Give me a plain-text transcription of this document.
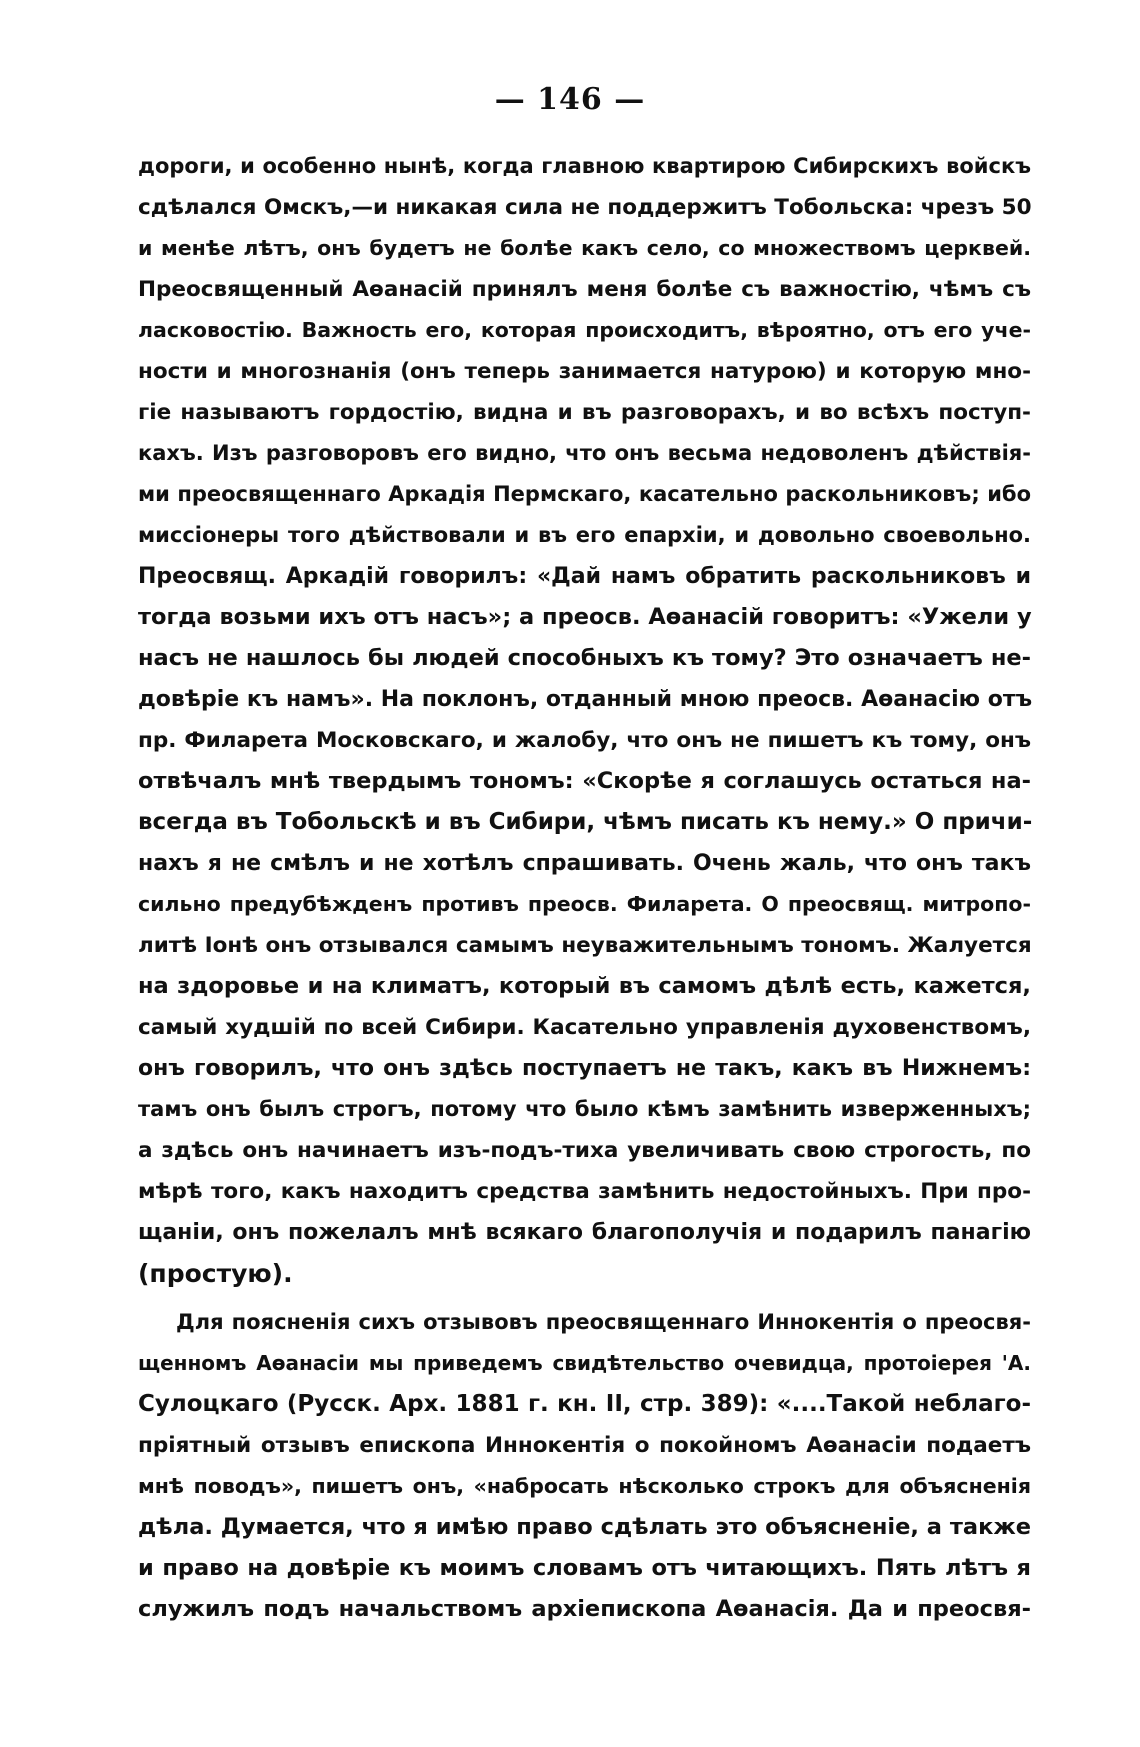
— 146 —
дороги, и особенно нынѣ, когда главною квартирою Сибирскихъ войскъ
сдѣлался Омскъ,—и никакая сила не поддержитъ Тобольска: чрезъ 50
и менѣе лѣтъ, онъ будетъ не болѣе какъ село, со множествомъ церквей.
Преосвященный Аѳанасій принялъ меня болѣе съ важностію, чѣмъ съ
ласковостію. Важность его, которая происходитъ, вѣроятно, отъ его уче-
ности и многознанія (онъ теперь занимается натурою) и которую мно-
гіе называютъ гордостію, видна и въ разговорахъ, и во всѣхъ поступ-
кахъ. Изъ разговоровъ его видно, что онъ весьма недоволенъ дѣйствія-
ми преосвященнаго Аркадія Пермскаго, касательно раскольниковъ; ибо
миссіонеры того дѣйствовали и въ его епархіи, и довольно своевольно.
Преосвящ. Аркадій говорилъ: «Дай намъ обратить раскольниковъ и
тогда возьми ихъ отъ насъ»; а преосв. Аѳанасій говоритъ: «Ужели у
насъ не нашлось бы людей способныхъ къ тому? Это означаетъ не-
довѣріе къ намъ». На поклонъ, отданный мною преосв. Аѳанасію отъ
пр. Филарета Московскаго, и жалобу, что онъ не пишетъ къ тому, онъ
отвѣчалъ мнѣ твердымъ тономъ: «Скорѣе я соглашусь остаться на-
всегда въ Тобольскѣ и въ Сибири, чѣмъ писать къ нему.» О причи-
нахъ я не смѣлъ и не хотѣлъ спрашивать. Очень жаль, что онъ такъ
сильно предубѣжденъ противъ преосв. Филарета. О преосвящ. митропо-
литѣ Іонѣ онъ отзывался самымъ неуважительнымъ тономъ. Жалуется
на здоровье и на климатъ, который въ самомъ дѣлѣ есть, кажется,
самый худшій по всей Сибири. Касательно управленія духовенствомъ,
онъ говорилъ, что онъ здѣсь поступаетъ не такъ, какъ въ Нижнемъ:
тамъ онъ былъ строгъ, потому что было кѣмъ замѣнить изверженныхъ;
а здѣсь онъ начинаетъ изъ-подъ-тиха увеличивать свою строгость, по
мѣрѣ того, какъ находитъ средства замѣнить недостойныхъ. При про-
щаніи, онъ пожелалъ мнѣ всякаго благополучія и подарилъ панагію
(простую).
Для поясненія сихъ отзывовъ преосвященнаго Иннокентія о преосвя-
щенномъ Аѳанасіи мы приведемъ свидѣтельство очевидца, протоіерея 'А.
Сулоцкаго (Русск. Арх. 1881 г. кн. II, стр. 389): «....Такой неблаго-
пріятный отзывъ епископа Иннокентія о покойномъ Аѳанасіи подаетъ
мнѣ поводъ», пишетъ онъ, «набросать нѣсколько строкъ для объясненія
дѣла. Думается, что я имѣю право сдѣлать это объясненіе, а также
и право на довѣріе къ моимъ словамъ отъ читающихъ. Пять лѣтъ я
служилъ подъ начальствомъ архіепископа Аѳанасія. Да и преосвя-
